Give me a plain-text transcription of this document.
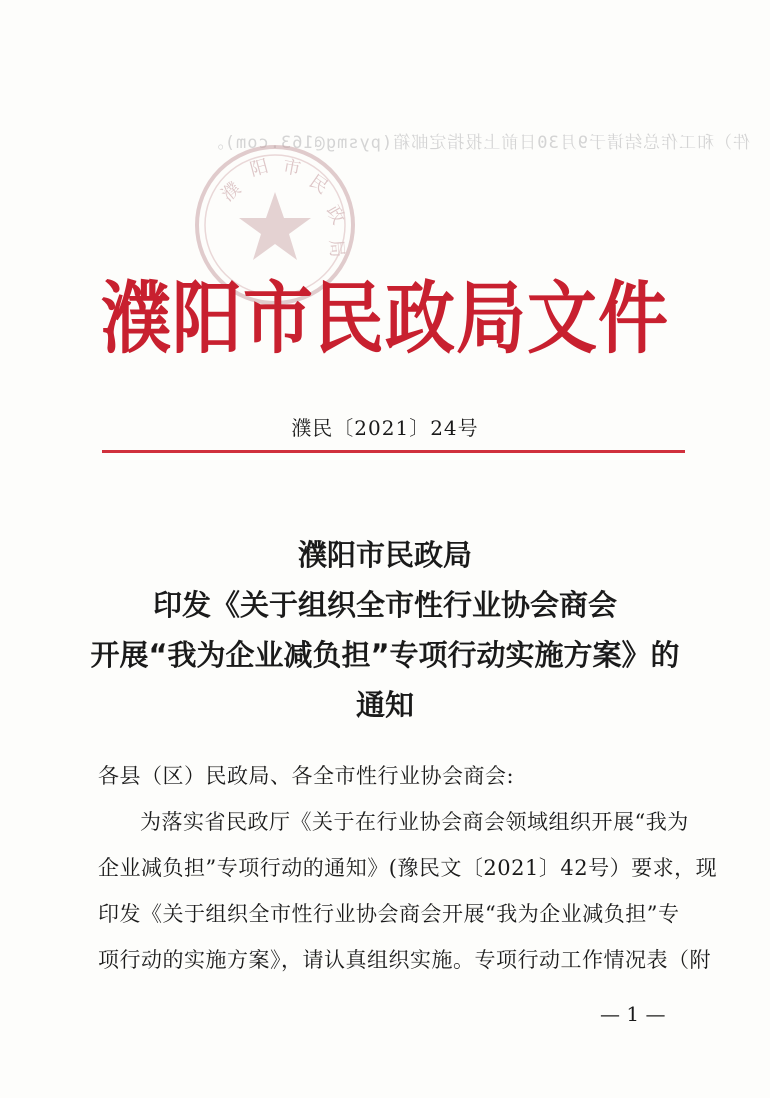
件）和工作总结请于9月30日前上报指定邮箱(pysmg@163.com)。
濮
阳 市
民
政
局
濮阳市民政局文件
濮民〔2021〕24号
濮阳市民政局
印发《关于组织全市性行业协会商会
开展“我为企业减负担”专项行动实施方案》的
通知
各县（区）民政局、各全市性行业协会商会:
为落实省民政厅《关于在行业协会商会领域组织开展“我为
企业减负担”专项行动的通知》(豫民文〔2021〕42号）要求，现
印发《关于组织全市性行业协会商会开展“我为企业减负担”专
项行动的实施方案》，请认真组织实施。专项行动工作情况表（附
— 1 —
